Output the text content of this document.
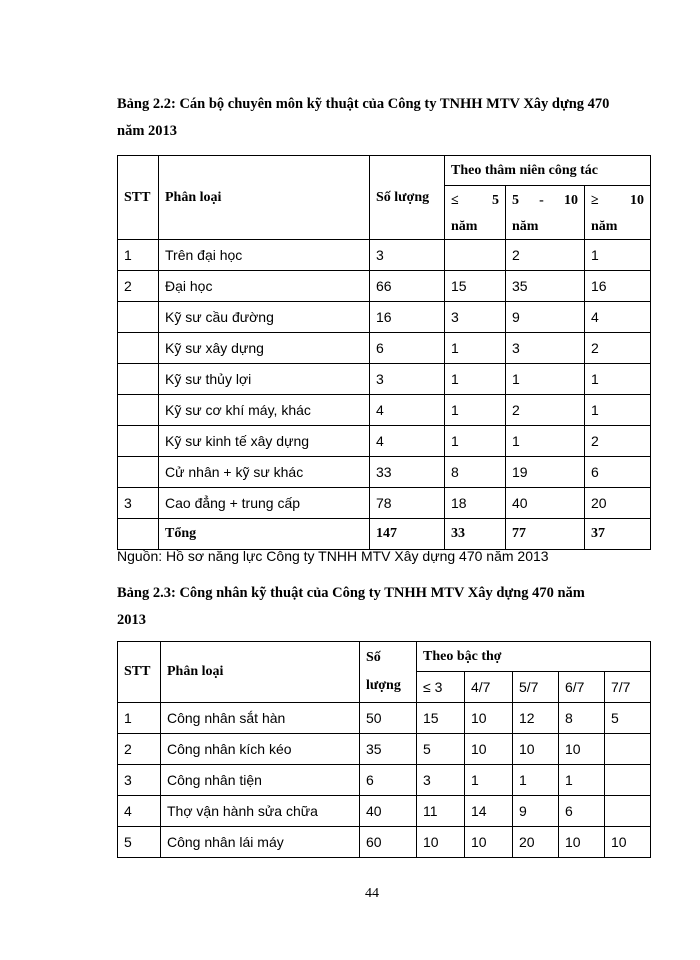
Bảng 2.2: Cán bộ chuyên môn kỹ thuật của Công ty TNHH MTV Xây dựng 470 năm 2013
STT	Phân loại	Số lượng	Theo thâm niên công tác		

			≤ 5	5 - 10	≥ 10

			năm	năm	năm
1	Trên đại học	3		2	1
2	Đại học	66	15	35	16
	Kỹ sư cầu đường	16	3	9	4
	Kỹ sư xây dựng	6	1	3	2
	Kỹ sư thủy lợi	3	1	1	1
	Kỹ sư cơ khí máy, khác	4	1	2	1
	Kỹ sư kinh tế xây dựng	4	1	1	2
	Cử nhân + kỹ sư khác	33	8	19	6
3	Cao đẳng + trung cấp	78	18	40	20
	Tổng	147	33	77	37
Nguồn: Hồ sơ năng lực Công ty TNHH MTV Xây dựng 470 năm 2013
Bảng 2.3: Công nhân kỹ thuật của Công ty TNHH MTV Xây dựng 470 năm 2013
STT	Phân loại	Số
lượng	Theo bậc thợ				
			≤ 3	4/7	5/7	6/7	7/7
1	Công nhân sắt hàn	50	15	10	12	8	5
2	Công nhân kích kéo	35	5	10	10	10	
3	Công nhân tiện	6	3	1	1	1	
4	Thợ vận hành sửa chữa	40	11	14	9	6	
5	Công nhân lái máy	60	10	10	20	10	10
44
